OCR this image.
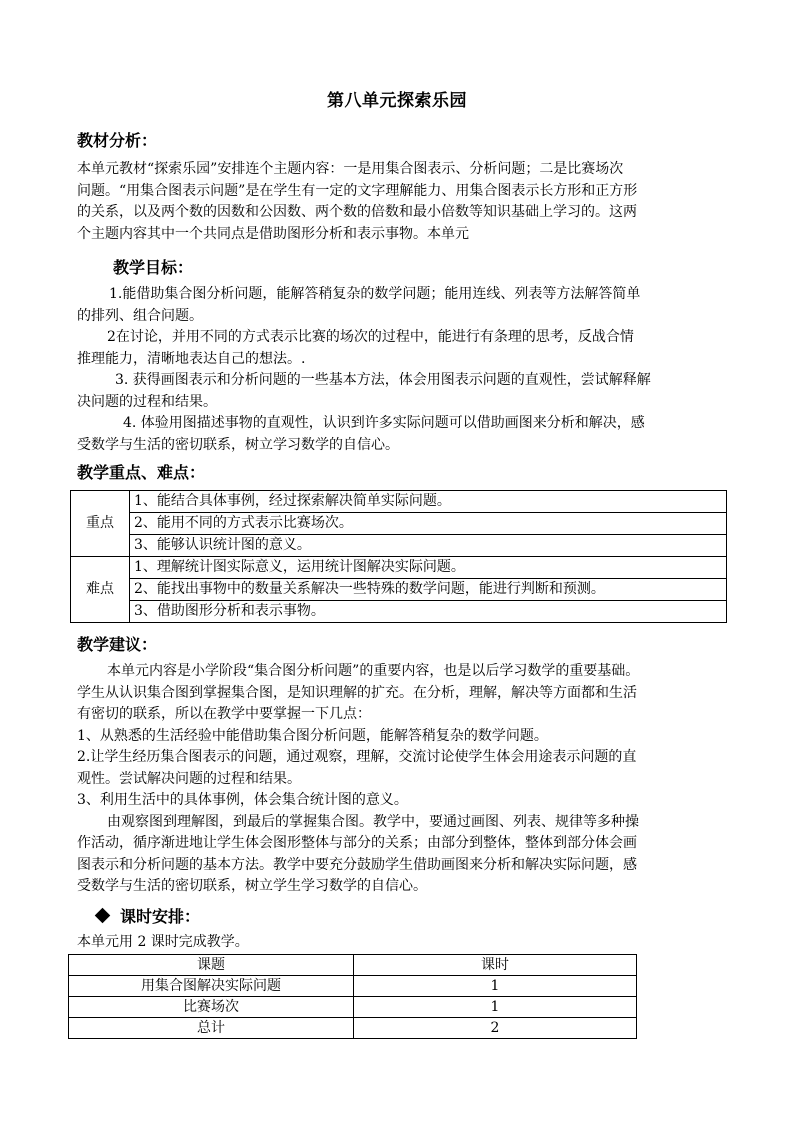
第八单元探索乐园
教材分析：
本单元教材“探索乐园”安排连个主题内容：一是用集合图表示、分析问题；二是比赛场次
问题。“用集合图表示问题”是在学生有一定的文字理解能力、用集合图表示长方形和正方形
的关系，以及两个数的因数和公因数、两个数的倍数和最小倍数等知识基础上学习的。这两
个主题内容其中一个共同点是借助图形分析和表示事物。本单元
教学目标：
1.能借助集合图分析问题，能解答稍复杂的数学问题；能用连线、列表等方法解答简单
的排列、组合问题。
2在讨论，并用不同的方式表示比赛的场次的过程中，能进行有条理的思考，反战合情
推理能力，清晰地表达自己的想法。.
3. 获得画图表示和分析问题的一些基本方法，体会用图表示问题的直观性，尝试解释解
决问题的过程和结果。
4. 体验用图描述事物的直观性，认识到许多实际问题可以借助画图来分析和解决，感
受数学与生活的密切联系，树立学习数学的自信心。
教学重点、难点：
重点	1、能结合具体事例，经过探索解决简单实际问题。
	2、能用不同的方式表示比赛场次。
	3、能够认识统计图的意义。
难点	1、理解统计图实际意义，运用统计图解决实际问题。
	2、能找出事物中的数量关系解决一些特殊的数学问题，能进行判断和预测。
	3、借助图形分析和表示事物。
教学建议：
本单元内容是小学阶段“集合图分析问题”的重要内容，也是以后学习数学的重要基础。
学生从认识集合图到掌握集合图，是知识理解的扩充。在分析，理解，解决等方面都和生活
有密切的联系，所以在教学中要掌握一下几点：
1、从熟悉的生活经验中能借助集合图分析问题，能解答稍复杂的数学问题。
2.让学生经历集合图表示的问题，通过观察，理解，交流讨论使学生体会用途表示问题的直
观性。尝试解决问题的过程和结果。
3、利用生活中的具体事例，体会集合统计图的意义。
由观察图到理解图，到最后的掌握集合图。教学中，要通过画图、列表、规律等多种操
作活动，循序渐进地让学生体会图形整体与部分的关系；由部分到整体，整体到部分体会画
图表示和分析问题的基本方法。教学中要充分鼓励学生借助画图来分析和解决实际问题，感
受数学与生活的密切联系，树立学生学习数学的自信心。
课时安排：
本单元用 2 课时完成教学。
课题	课时
用集合图解决实际问题	1
比赛场次	1
总计	2
